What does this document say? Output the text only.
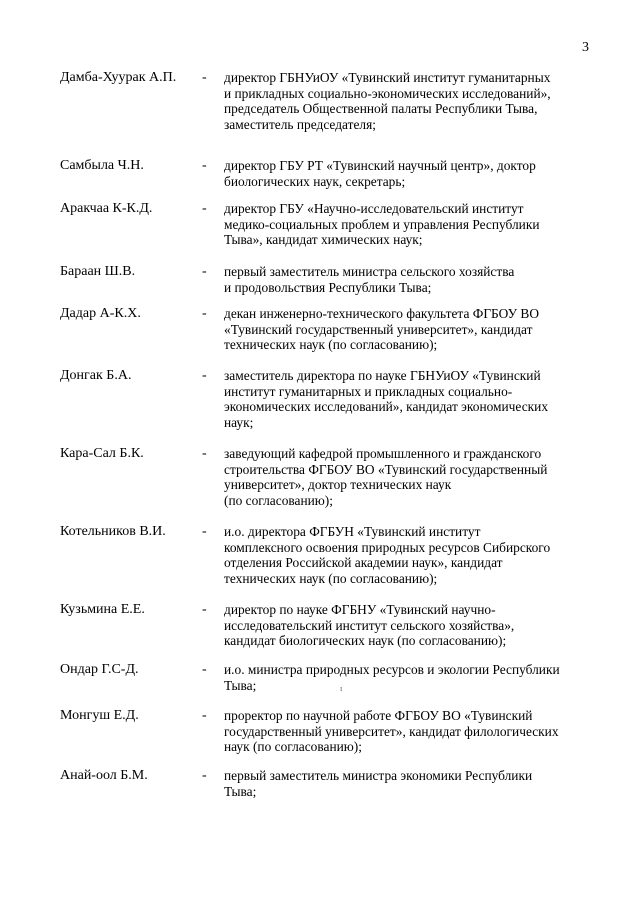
3
Дамба-Хуурак А.П. - директор ГБНУиОУ «Тувинский институт гуманитарных
и прикладных социально-экономических исследований»,
председатель Общественной палаты Республики Тыва,
заместитель председателя;
Самбыла Ч.Н.	- директор ГБУ РТ «Тувинский научный центр», доктор
биологических наук, секретарь;
Аракчаа К-К.Д.	- директор ГБУ «Научно-исследовательский институт
медико-социальных проблем и управления Республики
Тыва», кандидат химических наук;
Бараан Ш.В.	- первый заместитель министра сельского хозяйства
и продовольствия Республики Тыва;
Дадар А-К.Х.	- декан инженерно-технического факультета ФГБОУ ВО
«Тувинский государственный университет», кандидат
технических наук (по согласованию);
Донгак Б.А.	- заместитель директора по науке ГБНУиОУ «Тувинский
институт гуманитарных и прикладных социально-
экономических исследований», кандидат экономических
наук;
Кара-Сал Б.К.	- заведующий кафедрой промышленного и гражданского
строительства ФГБОУ ВО «Тувинский государственный
университет», доктор технических наук
(по согласованию);
Котельников В.И.	- и.о. директора ФГБУН «Тувинский институт
комплексного освоения природных ресурсов Сибирского
отделения Российской академии наук», кандидат
технических наук (по согласованию);
Кузьмина Е.Е.	- директор по науке ФГБНУ «Тувинский научно-
исследовательский институт сельского хозяйства»,
кандидат биологических наук (по согласованию);
Ондар Г.С-Д.	- и.о. министра природных ресурсов и экологии Республики
Тыва;
Монгуш Е.Д.	- проректор по научной работе ФГБОУ ВО «Тувинский
государственный университет», кандидат филологических
наук (по согласованию);
Анай-оол Б.М.	- первый заместитель министра экономики Республики
Тыва;
ɪ
